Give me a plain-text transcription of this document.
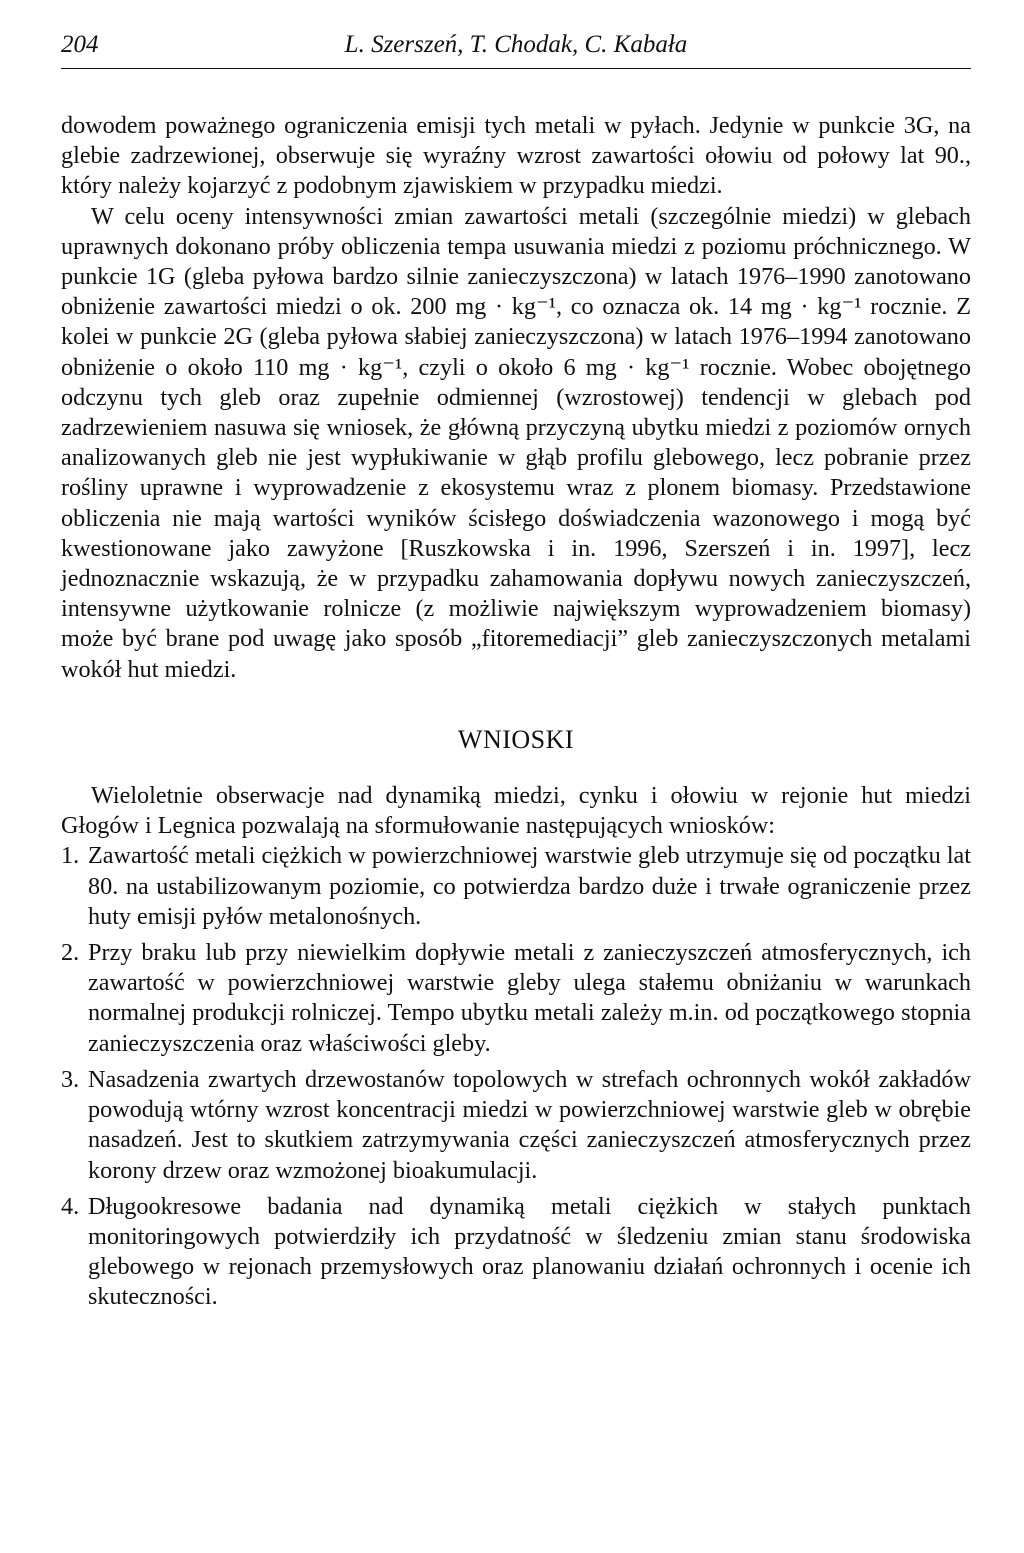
204	L. Szerszeń, T. Chodak, C. Kabała

dowodem poważnego ograniczenia emisji tych metali w pyłach. Jedynie w punkcie 3G, na glebie zadrzewionej, obserwuje się wyraźny wzrost zawartości ołowiu od połowy lat 90., który należy kojarzyć z podobnym zjawiskiem w przypadku miedzi.

W celu oceny intensywności zmian zawartości metali (szczególnie miedzi) w glebach uprawnych dokonano próby obliczenia tempa usuwania miedzi z poziomu próchnicznego. W punkcie 1G (gleba pyłowa bardzo silnie zanieczyszczona) w latach 1976–1990 zanotowano obniżenie zawartości miedzi o ok. 200 mg · kg⁻¹, co oznacza ok. 14 mg · kg⁻¹ rocznie. Z kolei w punkcie 2G (gleba pyłowa słabiej zanieczyszczona) w latach 1976–1994 zanotowano obniżenie o około 110 mg · kg⁻¹, czyli o około 6 mg · kg⁻¹ rocznie. Wobec obojętnego odczynu tych gleb oraz zupełnie odmiennej (wzrostowej) tendencji w glebach pod zadrzewieniem nasuwa się wniosek, że główną przyczyną ubytku miedzi z poziomów ornych analizowanych gleb nie jest wypłukiwanie w głąb profilu glebowego, lecz pobranie przez rośliny uprawne i wyprowadzenie z ekosystemu wraz z plonem biomasy. Przedstawione obliczenia nie mają wartości wyników ścisłego doświadczenia wazonowego i mogą być kwestionowane jako zawyżone [Ruszkowska i in. 1996, Szerszeń i in. 1997], lecz jednoznacznie wskazują, że w przypadku zahamowania dopływu nowych zanieczyszczeń, intensywne użytkowanie rolnicze (z możliwie największym wyprowadzeniem biomasy) może być brane pod uwagę jako sposób „fitoremediacji” gleb zanieczyszczonych metalami wokół hut miedzi.

WNIOSKI

Wieloletnie obserwacje nad dynamiką miedzi, cynku i ołowiu w rejonie hut miedzi Głogów i Legnica pozwalają na sformułowanie następujących wniosków:

1. Zawartość metali ciężkich w powierzchniowej warstwie gleb utrzymuje się od początku lat 80. na ustabilizowanym poziomie, co potwierdza bardzo duże i trwałe ograniczenie przez huty emisji pyłów metalonośnych.
2. Przy braku lub przy niewielkim dopływie metali z zanieczyszczeń atmosferycznych, ich zawartość w powierzchniowej warstwie gleby ulega stałemu obniżaniu w warunkach normalnej produkcji rolniczej. Tempo ubytku metali zależy m.in. od początkowego stopnia zanieczyszczenia oraz właściwości gleby.
3. Nasadzenia zwartych drzewostanów topolowych w strefach ochronnych wokół zakładów powodują wtórny wzrost koncentracji miedzi w powierzchniowej warstwie gleb w obrębie nasadzeń. Jest to skutkiem zatrzymywania części zanieczyszczeń atmosferycznych przez korony drzew oraz wzmożonej bioakumulacji.
4. Długookresowe badania nad dynamiką metali ciężkich w stałych punktach monitoringowych potwierdziły ich przydatność w śledzeniu zmian stanu środowiska glebowego w rejonach przemysłowych oraz planowaniu działań ochronnych i ocenie ich skuteczności.
